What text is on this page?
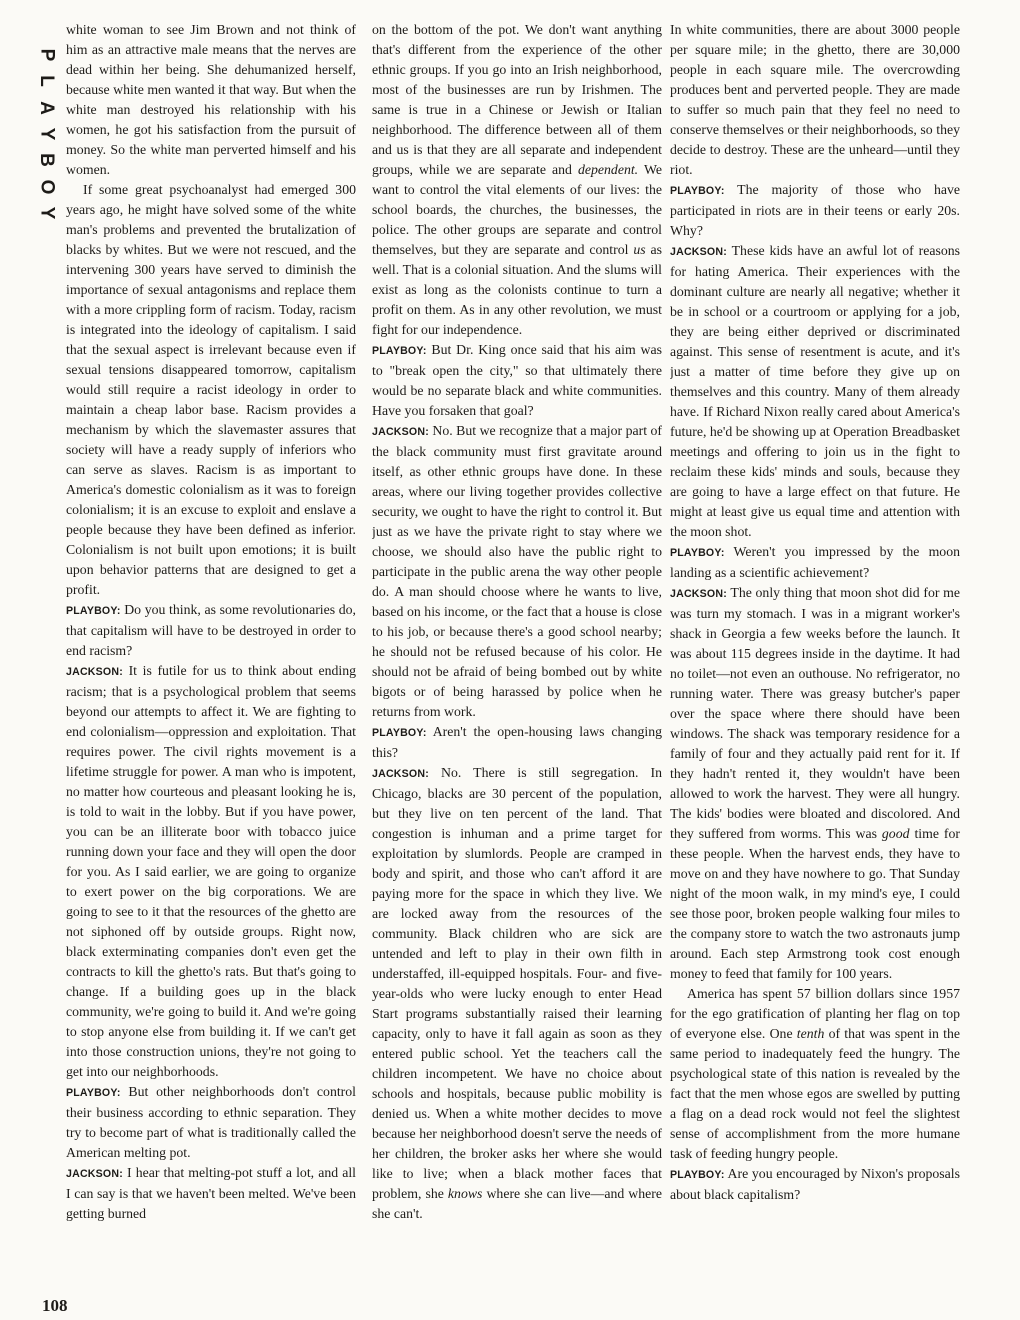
P
L
A
Y
B
O
Y
108

white woman to see Jim Brown and not think of him as an attractive male means that the nerves are dead within her being. She dehumanized herself, because white men wanted it that way. But when the white man destroyed his relationship with his women, he got his satisfaction from the pursuit of money. So the white man perverted himself and his women.

If some great psychoanalyst had emerged 300 years ago, he might have solved some of the white man's problems and prevented the brutalization of blacks by whites. But we were not rescued, and the intervening 300 years have served to diminish the importance of sexual antagonisms and replace them with a more crippling form of racism. Today, racism is integrated into the ideology of capitalism. I said that the sexual aspect is irrelevant because even if sexual tensions disappeared tomorrow, capitalism would still require a racist ideology in order to maintain a cheap labor base. Racism provides a mechanism by which the slavemaster assures that society will have a ready supply of inferiors who can serve as slaves. Racism is as important to America's domestic colonialism as it was to foreign colonialism; it is an excuse to exploit and enslave a people because they have been defined as inferior. Colonialism is not built upon emotions; it is built upon behavior patterns that are designed to get a profit.

PLAYBOY: Do you think, as some revolutionaries do, that capitalism will have to be destroyed in order to end racism?

JACKSON: It is futile for us to think about ending racism; that is a psychological problem that seems beyond our attempts to affect it. We are fighting to end colonialism—oppression and exploitation. That requires power. The civil rights movement is a lifetime struggle for power. A man who is impotent, no matter how courteous and pleasant looking he is, is told to wait in the lobby. But if you have power, you can be an illiterate boor with tobacco juice running down your face and they will open the door for you. As I said earlier, we are going to organize to exert power on the big corporations. We are going to see to it that the resources of the ghetto are not siphoned off by outside groups. Right now, black exterminating companies don't even get the contracts to kill the ghetto's rats. But that's going to change. If a building goes up in the black community, we're going to build it. And we're going to stop anyone else from building it. If we can't get into those construction unions, they're not going to get into our neighborhoods.

PLAYBOY: But other neighborhoods don't control their business according to ethnic separation. They try to become part of what is traditionally called the American melting pot.

JACKSON: I hear that melting-pot stuff a lot, and all I can say is that we haven't been melted. We've been getting burned

on the bottom of the pot. We don't want anything that's different from the experience of the other ethnic groups. If you go into an Irish neighborhood, most of the businesses are run by Irishmen. The same is true in a Chinese or Jewish or Italian neighborhood. The difference between all of them and us is that they are all separate and independent groups, while we are separate and dependent. We want to control the vital elements of our lives: the school boards, the churches, the businesses, the police. The other groups are separate and control themselves, but they are separate and control us as well. That is a colonial situation. And the slums will exist as long as the colonists continue to turn a profit on them. As in any other revolution, we must fight for our independence.

PLAYBOY: But Dr. King once said that his aim was to "break open the city," so that ultimately there would be no separate black and white communities. Have you forsaken that goal?

JACKSON: No. But we recognize that a major part of the black community must first gravitate around itself, as other ethnic groups have done. In these areas, where our living together provides collective security, we ought to have the right to control it. But just as we have the private right to stay where we choose, we should also have the public right to participate in the public arena the way other people do. A man should choose where he wants to live, based on his income, or the fact that a house is close to his job, or because there's a good school nearby; he should not be refused because of his color. He should not be afraid of being bombed out by white bigots or of being harassed by police when he returns from work.

PLAYBOY: Aren't the open-housing laws changing this?

JACKSON: No. There is still segregation. In Chicago, blacks are 30 percent of the population, but they live on ten percent of the land. That congestion is inhuman and a prime target for exploitation by slumlords. People are cramped in body and spirit, and those who can't afford it are paying more for the space in which they live. We are locked away from the resources of the community. Black children who are sick are untended and left to play in their own filth in understaffed, ill-equipped hospitals. Four- and five-year-olds who were lucky enough to enter Head Start programs substantially raised their learning capacity, only to have it fall again as soon as they entered public school. Yet the teachers call the children incompetent. We have no choice about schools and hospitals, because public mobility is denied us. When a white mother decides to move because her neighborhood doesn't serve the needs of her children, the broker asks her where she would like to live; when a black mother faces that problem, she knows where she can live—and where she can't.

In white communities, there are about 3000 people per square mile; in the ghetto, there are 30,000 people in each square mile. The overcrowding produces bent and perverted people. They are made to suffer so much pain that they feel no need to conserve themselves or their neighborhoods, so they decide to destroy. These are the unheard—until they riot.

PLAYBOY: The majority of those who have participated in riots are in their teens or early 20s. Why?

JACKSON: These kids have an awful lot of reasons for hating America. Their experiences with the dominant culture are nearly all negative; whether it be in school or a courtroom or applying for a job, they are being either deprived or discriminated against. This sense of resentment is acute, and it's just a matter of time before they give up on themselves and this country. Many of them already have. If Richard Nixon really cared about America's future, he'd be showing up at Operation Breadbasket meetings and offering to join us in the fight to reclaim these kids' minds and souls, because they are going to have a large effect on that future. He might at least give us equal time and attention with the moon shot.

PLAYBOY: Weren't you impressed by the moon landing as a scientific achievement?

JACKSON: The only thing that moon shot did for me was turn my stomach. I was in a migrant worker's shack in Georgia a few weeks before the launch. It was about 115 degrees inside in the daytime. It had no toilet—not even an outhouse. No refrigerator, no running water. There was greasy butcher's paper over the space where there should have been windows. The shack was temporary residence for a family of four and they actually paid rent for it. If they hadn't rented it, they wouldn't have been allowed to work the harvest. They were all hungry. The kids' bodies were bloated and discolored. And they suffered from worms. This was good time for these people. When the harvest ends, they have to move on and they have nowhere to go. That Sunday night of the moon walk, in my mind's eye, I could see those poor, broken people walking four miles to the company store to watch the two astronauts jump around. Each step Armstrong took cost enough money to feed that family for 100 years.

America has spent 57 billion dollars since 1957 for the ego gratification of planting her flag on top of everyone else. One tenth of that was spent in the same period to inadequately feed the hungry. The psychological state of this nation is revealed by the fact that the men whose egos are swelled by putting a flag on a dead rock would not feel the slightest sense of accomplishment from the more humane task of feeding hungry people.

PLAYBOY: Are you encouraged by Nixon's proposals about black capitalism?
